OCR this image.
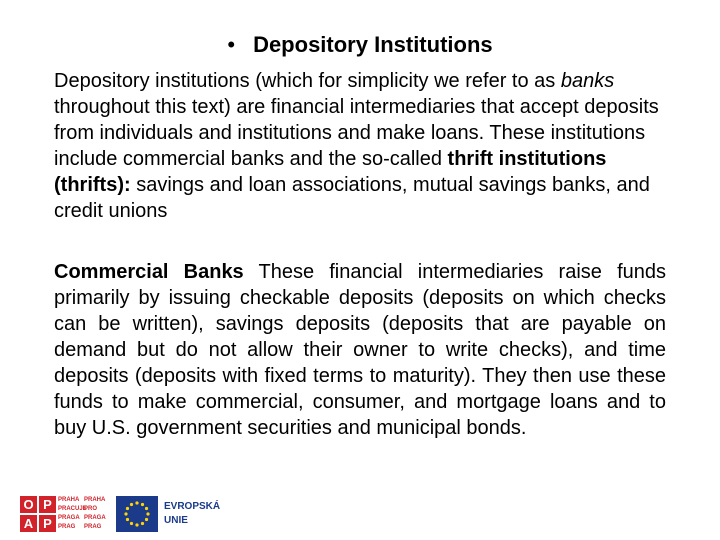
• Depository Institutions

Depository institutions (which for simplicity we refer to as banks throughout this text) are financial intermediaries that accept deposits from individuals and institutions and make loans. These institutions include commercial banks and the so-called thrift institutions (thrifts): savings and loan associations, mutual savings banks, and credit unions

Commercial Banks These financial intermediaries raise funds primarily by issuing checkable deposits (deposits on which checks can be written), savings deposits (deposits that are payable on demand but do not allow their owner to write checks), and time deposits (deposits with fixed terms to maturity). They then use these funds to make commercial, consumer, and mortgage loans and to buy U.S. government securities and municipal bonds.

O P
P
A
PRAHA PRAHA
PRACUJE
PRO
PRAGA PRAGA
PRAG	PRAG
EVROPSKÁ
UNIE
